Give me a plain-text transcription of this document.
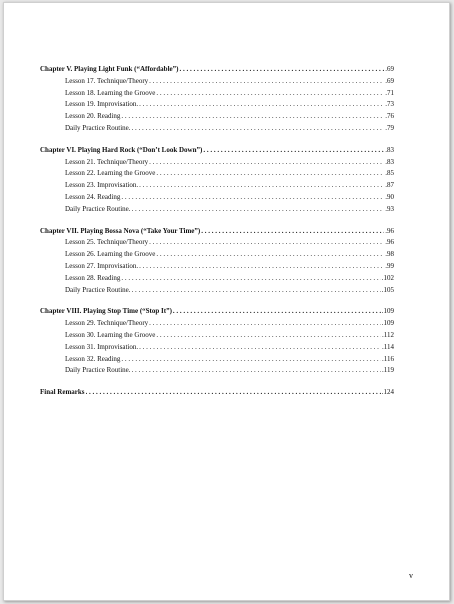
Chapter V. Playing Light Funk (“Affordable”) . . .	.69
Lesson 17. Technique/Theory . . .	.69
Lesson 18. Learning the Groove . . .	.71
Lesson 19. Improvisation. . . .	.73
Lesson 20. Reading . . .	.76
Daily Practice Routine. . . .	.79
Chapter VI. Playing Hard Rock (“Don’t Look Down”) . . .	.83
Lesson 21. Technique/Theory . . .	.83
Lesson 22. Learning the Groove . . .	.85
Lesson 23. Improvisation. . . .	.87
Lesson 24. Reading . . .	.90
Daily Practice Routine. . . .	.93
Chapter VII. Playing Bossa Nova (“Take Your Time”) . . .	.96
Lesson 25. Technique/Theory . . .	.96
Lesson 26. Learning the Groove . . .	.98
Lesson 27. Improvisation. . . .	.99
Lesson 28. Reading . . .	.102
Daily Practice Routine. . . .	.105
Chapter VIII. Playing Stop Time (“Stop It”) . . .	.109
Lesson 29. Technique/Theory . . .	.109
Lesson 30. Learning the Groove . . .	.112
Lesson 31. Improvisation. . . .	.114
Lesson 32. Reading . . .	.116
Daily Practice Routine. . . .	.119
Final Remarks . . .	.124
v
